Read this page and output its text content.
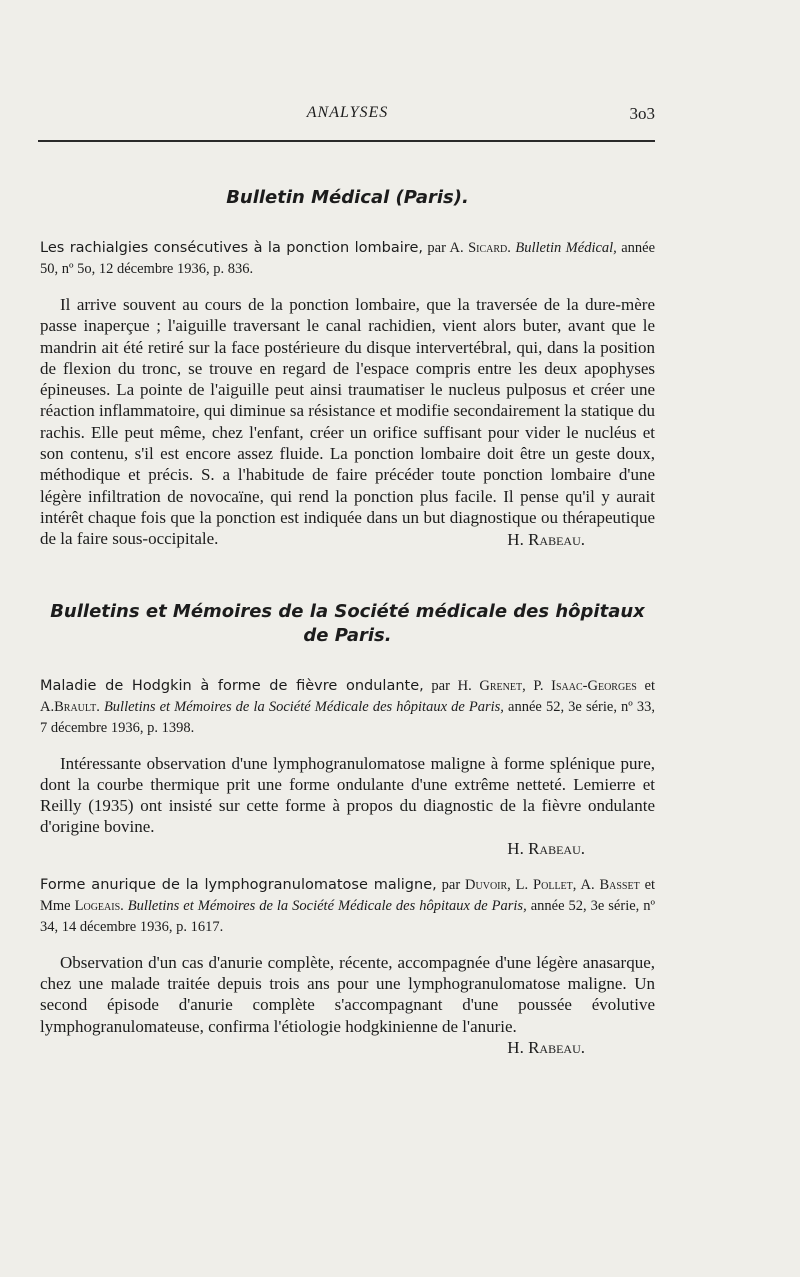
ANALYSES	3o3
Bulletin Médical (Paris).

Les rachialgies consécutives à la ponction lombaire, par A. Sicard. Bulletin Médical, année 50, nº 5o, 12 décembre 1936, p. 836.

Il arrive souvent au cours de la ponction lombaire, que la traversée de la dure-mère passe inaperçue ; l'aiguille traversant le canal rachidien, vient alors buter, avant que le mandrin ait été retiré sur la face postérieure du disque intervertébral, qui, dans la position de flexion du tronc, se trouve en regard de l'espace compris entre les deux apophyses épineuses. La pointe de l'aiguille peut ainsi traumatiser le nucleus pulposus et créer une réaction inflammatoire, qui diminue sa résistance et modifie secondairement la statique du rachis. Elle peut même, chez l'enfant, créer un orifice suffisant pour vider le nucléus et son contenu, s'il est encore assez fluide. La ponction lombaire doit être un geste doux, méthodique et précis. S. a l'habitude de faire précéder toute ponction lombaire d'une légère infiltration de novocaïne, qui rend la ponction plus facile. Il pense qu'il y aurait intérêt chaque fois que la ponction est indiquée dans un but diagnostique ou thérapeutique de la faire sous-occipitale.	H. Rabeau.

Bulletins et Mémoires de la Société médicale des hôpitaux de Paris.

Maladie de Hodgkin à forme de fièvre ondulante, par H. Grenet, P. Isaac-Georges et A.Brault. Bulletins et Mémoires de la Société Médicale des hôpitaux de Paris, année 52, 3e série, nº 33, 7 décembre 1936, p. 1398.

Intéressante observation d'une lymphogranulomatose maligne à forme splénique pure, dont la courbe thermique prit une forme ondulante d'une extrême netteté. Lemierre et Reilly (1935) ont insisté sur cette forme à propos du diagnostic de la fièvre ondulante d'origine bovine.

H. Rabeau.

Forme anurique de la lymphogranulomatose maligne, par Duvoir, L. Pollet, A. Basset et Mme Logeais. Bulletins et Mémoires de la Société Médicale des hôpitaux de Paris, année 52, 3e série, nº 34, 14 décembre 1936, p. 1617.

Observation d'un cas d'anurie complète, récente, accompagnée d'une légère anasarque, chez une malade traitée depuis trois ans pour une lymphogranulomatose maligne. Un second épisode d'anurie complète s'accompagnant d'une poussée évolutive lymphogranulomateuse, confirma l'étiologie hodgkinienne de l'anurie.

H. Rabeau.
